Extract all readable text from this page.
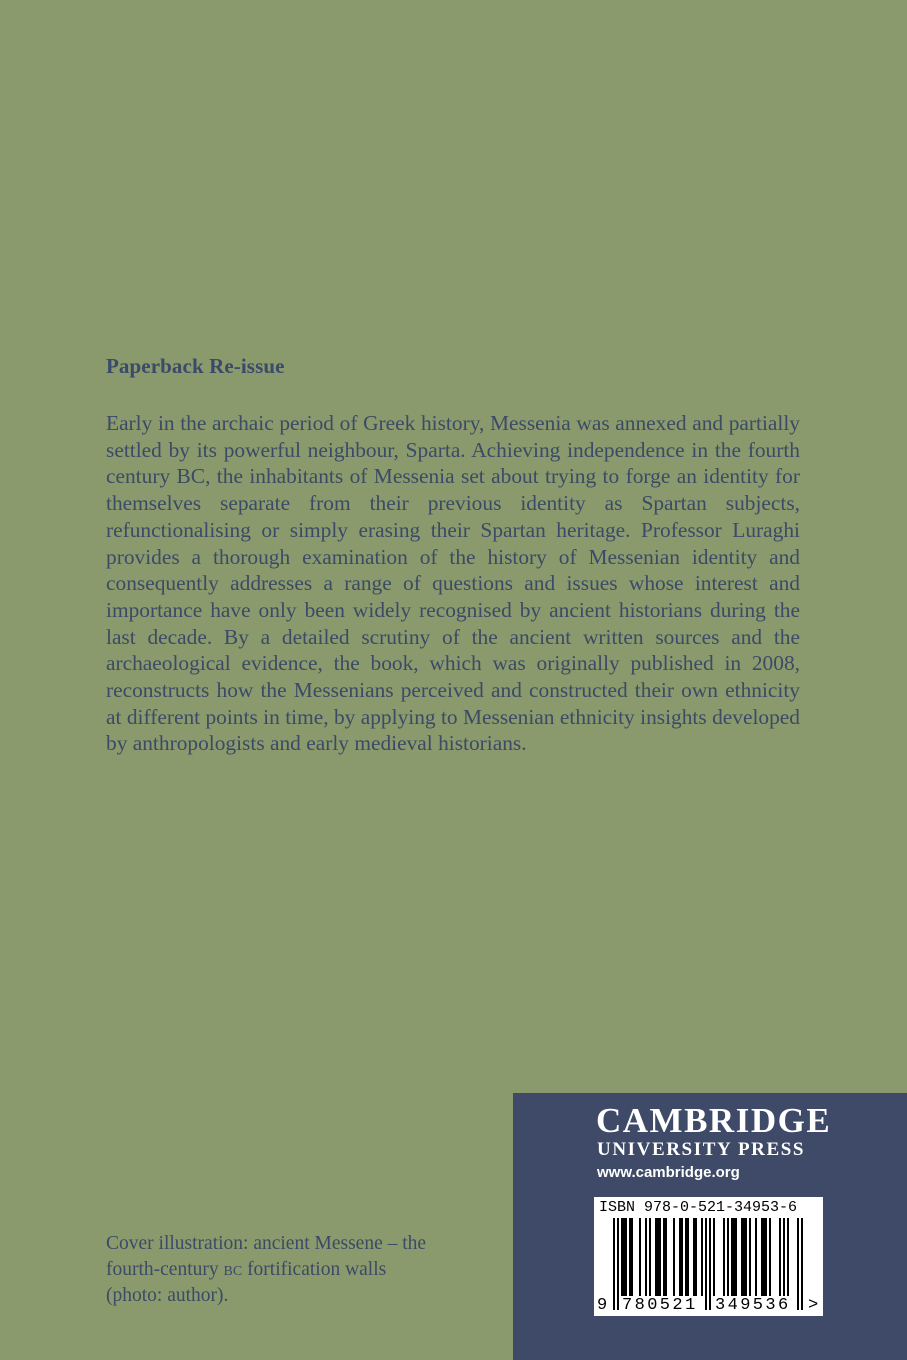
Paperback Re-issue

Early in the archaic period of Greek history, Messenia was annexed and partially settled by its powerful neighbour, Sparta. Achieving independence in the fourth century BC, the inhabitants of Messenia set about trying to forge an identity for themselves separate from their previous identity as Spartan subjects, refunctionalising or simply erasing their Spartan heritage. Professor Luraghi provides a thorough examination of the history of Messenian identity and consequently addresses a range of questions and issues whose interest and importance have only been widely recognised by ancient historians during the last decade. By a detailed scrutiny of the ancient written sources and the archaeological evidence, the book, which was originally published in 2008, reconstructs how the Messenians perceived and constructed their own ethnicity at different points in time, by applying to Messenian ethnicity insights developed by anthropologists and early medieval historians.

Cover illustration: ancient Messene – the
fourth-century bc fortification walls
(photo: author).

CAMBRIDGE
UNIVERSITY PRESS
www.cambridge.org
ISBN 978-0-521-34953-6
9 780521 349536 >
